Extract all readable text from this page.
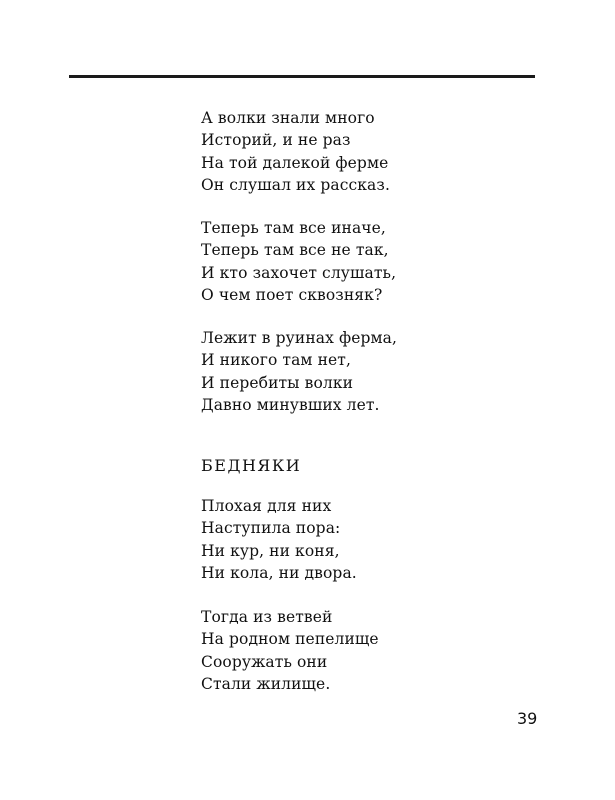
А волки знали много
Историй, и не раз
На той далекой ферме
Он слушал их рассказ.
Теперь там все иначе,
Теперь там все не так,
И кто захочет слушать,
О чем поет сквозняк?
Лежит в руинах ферма,
И никого там нет,
И перебиты волки
Давно минувших лет.
БЕДНЯКИ
Плохая для них
Наступила пора:
Ни кур, ни коня,
Ни кола, ни двора.
Тогда из ветвей
На родном пепелище
Сооружать они
Стали жилище.
39
